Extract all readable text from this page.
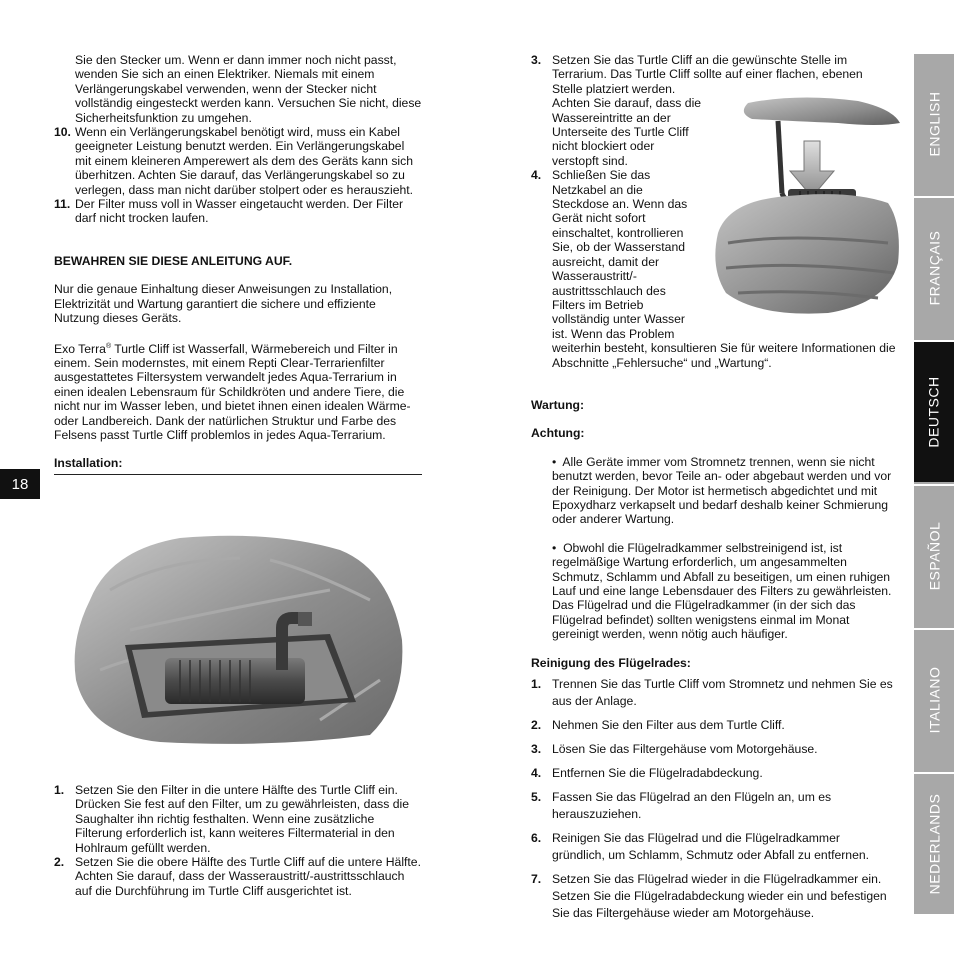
18

Sie den Stecker um. Wenn er dann immer noch nicht passt, wenden Sie sich an einen Elektriker. Niemals mit einem Verlängerungskabel verwenden, wenn der Stecker nicht vollständig eingesteckt werden kann. Versuchen Sie nicht, diese Sicherheitsfunktion zu umgehen.

10. Wenn ein Verlängerungskabel benötigt wird, muss ein Kabel geeigneter Leistung benutzt werden. Ein Verlängerungskabel mit einem kleineren Amperewert als dem des Geräts kann sich überhitzen. Achten Sie darauf, das Verlängerungskabel so zu verlegen, dass man nicht darüber stolpert oder es herauszieht.
11. Der Filter muss voll in Wasser eingetaucht werden. Der Filter darf nicht trocken laufen.

BEWAHREN SIE DIESE ANLEITUNG AUF.

Nur die genaue Einhaltung dieser Anweisungen zu Installation, Elektrizität und Wartung garantiert die sichere und effiziente Nutzung dieses Geräts.

Exo Terra® Turtle Cliff ist Wasserfall, Wärmebereich und Filter in einem. Sein modernstes, mit einem Repti Clear-Terrarienfilter ausgestattetes Filtersystem verwandelt jedes Aqua-Terrarium in einen idealen Lebensraum für Schildkröten und andere Tiere, die nicht nur im Wasser leben, und bietet ihnen einen idealen Wärme- oder Landbereich. Dank der natürlichen Struktur und Farbe des Felsens passt Turtle Cliff problemlos in jedes Aqua-Terrarium.

Installation:

1. Setzen Sie den Filter in die untere Hälfte des Turtle Cliff ein. Drücken Sie fest auf den Filter, um zu gewährleisten, dass die Saughalter ihn richtig festhalten. Wenn eine zusätzliche Filterung erforderlich ist, kann weiteres Filtermaterial in den Hohlraum gefüllt werden.
2. Setzen Sie die obere Hälfte des Turtle Cliff auf die untere Hälfte. Achten Sie darauf, dass der Wasseraustritt/-austrittsschlauch auf die Durchführung im Turtle Cliff ausgerichtet ist.
3. Setzen Sie das Turtle Cliff an die gewünschte Stelle im Terrarium. Das Turtle Cliff sollte auf einer flachen, ebenen Stelle platziert werden.
Achten Sie darauf, dass die Wassereintritte an der Unterseite des Turtle Cliff nicht blockiert oder verstopft sind.
4. Schließen Sie das Netzkabel an die Steckdose an. Wenn das Gerät nicht sofort einschaltet, kontrollieren Sie, ob der Wasserstand ausreicht, damit der Wasseraustritt/-austrittsschlauch des Filters im Betrieb vollständig unter Wasser ist. Wenn das Problem
weiterhin besteht, konsultieren Sie für weitere Informationen die Abschnitte „Fehlersuche“ und „Wartung“.

Wartung:

Achtung:

• Alle Geräte immer vom Stromnetz trennen, wenn sie nicht benutzt werden, bevor Teile an- oder abgebaut werden und vor der Reinigung. Der Motor ist hermetisch abgedichtet und mit Epoxydharz verkapselt und bedarf deshalb keiner Schmierung oder anderer Wartung.

• Obwohl die Flügelradkammer selbstreinigend ist, ist regelmäßige Wartung erforderlich, um angesammelten Schmutz, Schlamm und Abfall zu beseitigen, um einen ruhigen Lauf und eine lange Lebensdauer des Filters zu gewährleisten. Das Flügelrad und die Flügelradkammer (in der sich das Flügelrad befindet) sollten wenigstens einmal im Monat gereinigt werden, wenn nötig auch häufiger.

Reinigung des Flügelrades:

1. Trennen Sie das Turtle Cliff vom Stromnetz und nehmen Sie es aus der Anlage.
2. Nehmen Sie den Filter aus dem Turtle Cliff.
3. Lösen Sie das Filtergehäuse vom Motorgehäuse.
4. Entfernen Sie die Flügelradabdeckung.
5. Fassen Sie das Flügelrad an den Flügeln an, um es herauszuziehen.
6. Reinigen Sie das Flügelrad und die Flügelradkammer gründlich, um Schlamm, Schmutz oder Abfall zu entfernen.
7. Setzen Sie das Flügelrad wieder in die Flügelradkammer ein. Setzen Sie die Flügelradabdeckung wieder ein und befestigen Sie das Filtergehäuse wieder am Motorgehäuse.
ENGLISH
FRANÇAIS
DEUTSCH
ESPAÑOL
ITALIANO
NEDERLANDS
